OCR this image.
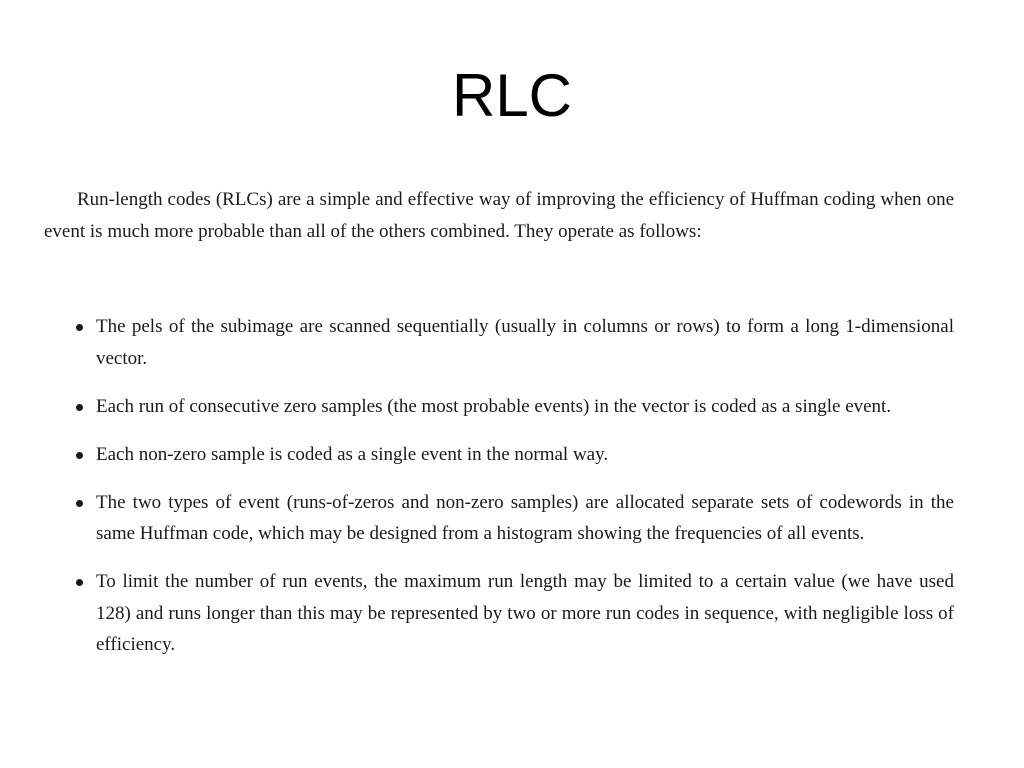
RLC

Run-length codes (RLCs) are a simple and effective way of improving the efficiency of Huffman coding when one event is much more probable than all of the others combined. They operate as follows:

The pels of the subimage are scanned sequentially (usually in columns or rows) to form a long 1-dimensional vector.
Each run of consecutive zero samples (the most probable events) in the vector is coded as a single event.
Each non-zero sample is coded as a single event in the normal way.
The two types of event (runs-of-zeros and non-zero samples) are allocated separate sets of codewords in the same Huffman code, which may be designed from a histogram showing the frequencies of all events.
To limit the number of run events, the maximum run length may be limited to a certain value (we have used 128) and runs longer than this may be represented by two or more run codes in sequence, with negligible loss of efficiency.
